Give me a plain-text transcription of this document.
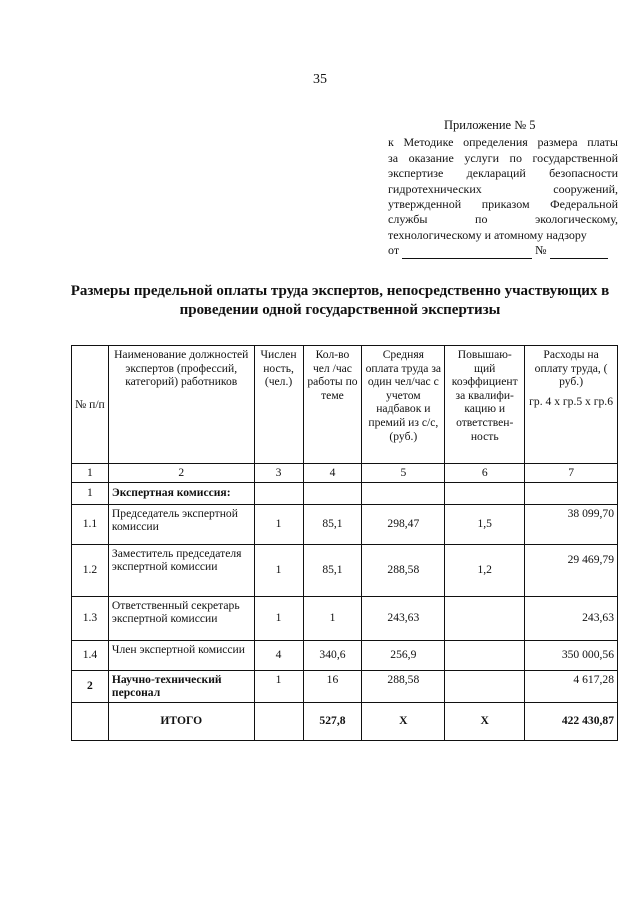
35
Приложение № 5
к Методике определения размера платы
за оказание услуги по государственной
экспертизе деклараций безопасности
гидротехнических сооружений,
утвержденной приказом Федеральной
службы по экологическому,
технологическому и атомному надзору
от	№
Размеры предельной оплаты труда экспертов, непосредственно участвующих в
проведении одной государственной экспертизы
№ п/п	Наименование должностей экспертов (профессий, категорий) работников	Числен ность, (чел.)	Кол-во чел /час работы по теме	Средняя оплата труда за один чел/час с учетом надбавок и премий из с/с, (руб.)	Повышаю-щий коэффициент за квалифи-кацию и ответствен-ность	Расходы на оплату труда, ( руб.)
гр. 4 х гр.5 х гр.6

1	2	3	4	5	6	7
1	Экспертная комиссия:					
1.1	Председатель экспертной комиссии	1	85,1	298,47	1,5	38 099,70
1.2	Заместитель председателя экспертной комиссии	1	85,1	288,58	1,2	29 469,79
1.3	Ответственный секретарь экспертной комиссии	1	1	243,63		243,63
1.4	Член экспертной комиссии	4	340,6	256,9		350 000,56
2	Научно-технический персонал	1	16	288,58		4 617,28
	ИТОГО		527,8	X	X	422 430,87
